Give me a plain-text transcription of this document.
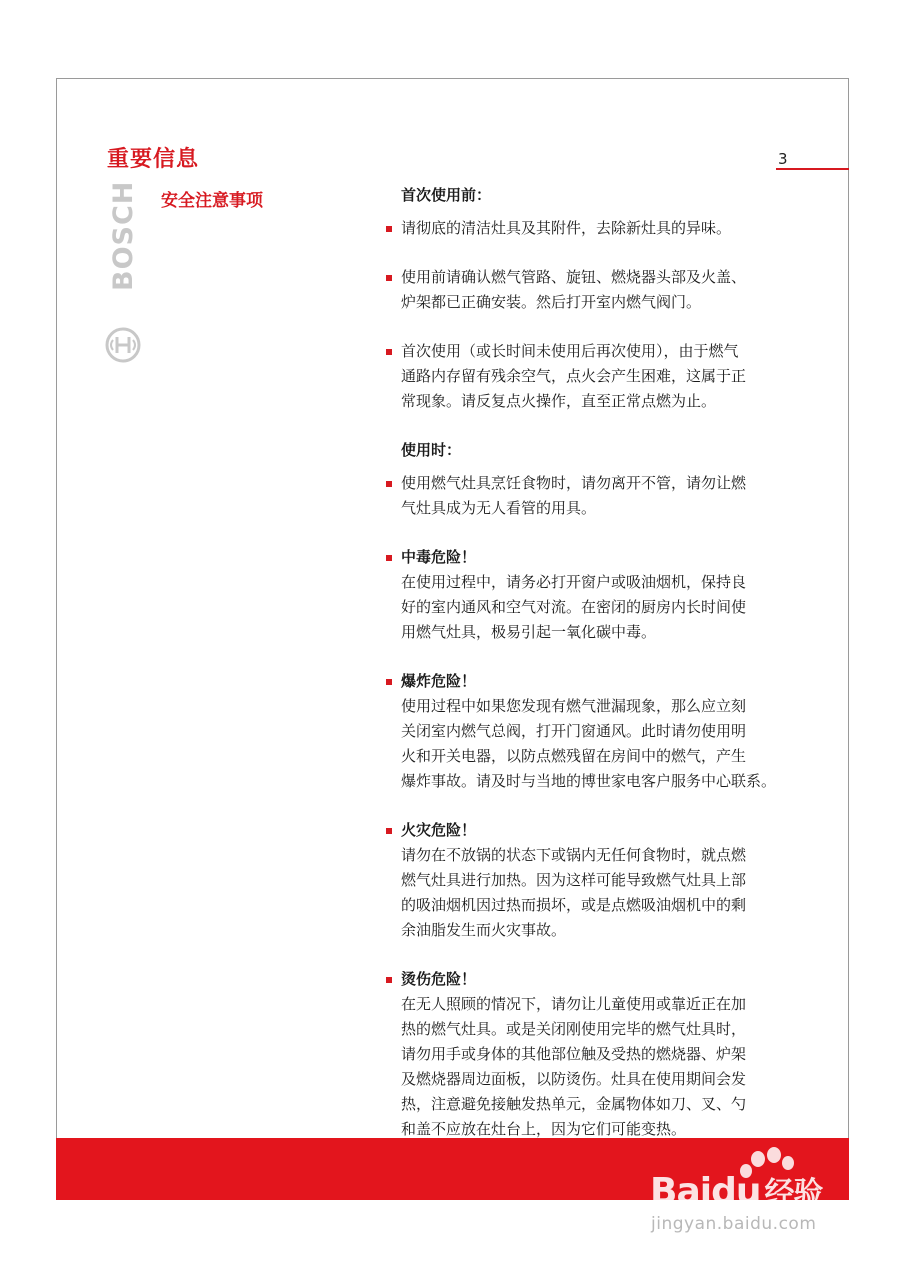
重要信息
安全注意事项
3
BOSCH	首次使用前：
请彻底的清洁灶具及其附件，去除新灶具的异味。
使用前请确认燃气管路、旋钮、燃烧器头部及火盖、
炉架都已正确安装。然后打开室内燃气阀门。
首次使用（或长时间未使用后再次使用），由于燃气
通路内存留有残余空气，点火会产生困难，这属于正
常现象。请反复点火操作，直至正常点燃为止。
使用时：
使用燃气灶具烹饪食物时，请勿离开不管，请勿让燃
气灶具成为无人看管的用具。
中毒危险！
在使用过程中，请务必打开窗户或吸油烟机，保持良
好的室内通风和空气对流。在密闭的厨房内长时间使
用燃气灶具，极易引起一氧化碳中毒。
爆炸危险！
使用过程中如果您发现有燃气泄漏现象，那么应立刻
关闭室内燃气总阀，打开门窗通风。此时请勿使用明
火和开关电器，以防点燃残留在房间中的燃气，产生
爆炸事故。请及时与当地的博世家电客户服务中心联系。
火灾危险！
请勿在不放锅的状态下或锅内无任何食物时，就点燃
燃气灶具进行加热。因为这样可能导致燃气灶具上部
的吸油烟机因过热而损坏，或是点燃吸油烟机中的剩
余油脂发生而火灾事故。
烫伤危险！
在无人照顾的情况下，请勿让儿童使用或靠近正在加
热的燃气灶具。或是关闭刚使用完毕的燃气灶具时，
请勿用手或身体的其他部位触及受热的燃烧器、炉架
及燃烧器周边面板，以防烫伤。灶具在使用期间会发
热，注意避免接触发热单元，金属物体如刀、叉、勺
和盖不应放在灶台上，因为它们可能变热。
Baidu 经验
jingyan.baidu.com
